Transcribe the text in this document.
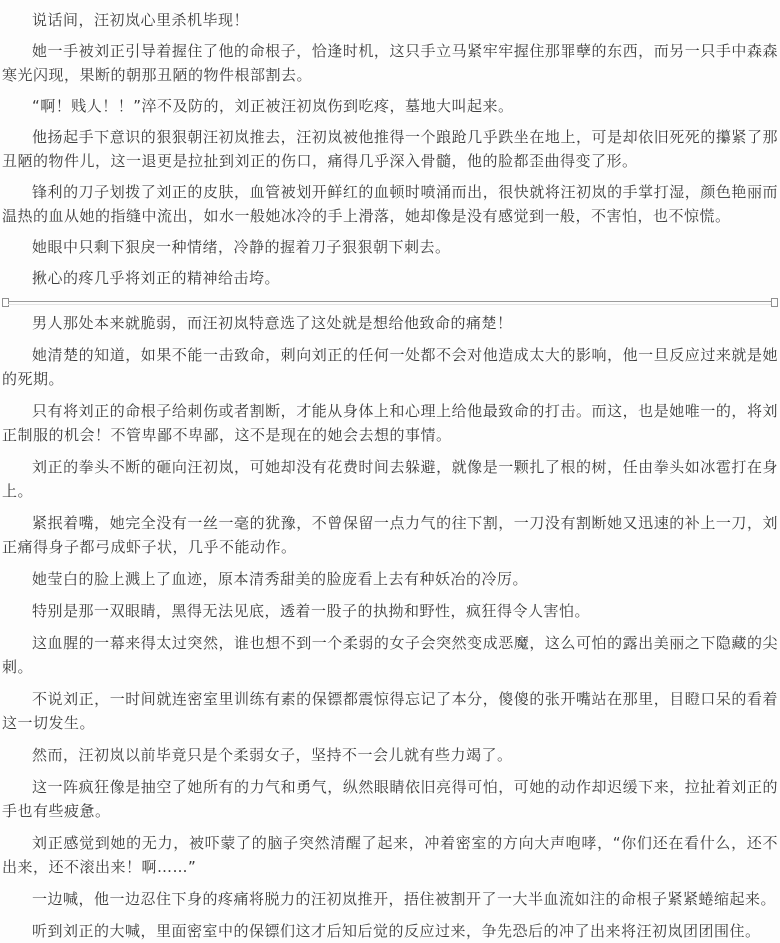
说话间，汪初岚心里杀机毕现！

她一手被刘正引导着握住了他的命根子，恰逢时机，这只手立马紧牢牢握住那罪孽的东西，而另一只手中森森寒光闪现，果断的朝那丑陋的物件根部割去。

“啊！贱人！！”淬不及防的，刘正被汪初岚伤到吃疼，墓地大叫起来。

他扬起手下意识的狠狠朝汪初岚推去，汪初岚被他推得一个踉跄几乎跌坐在地上，可是却依旧死死的攥紧了那丑陋的物件儿，这一退更是拉扯到刘正的伤口，痛得几乎深入骨髓，他的脸都歪曲得变了形。

锋利的刀子划拨了刘正的皮肤，血管被划开鲜红的血顿时喷涌而出，很快就将汪初岚的手掌打湿，颜色艳丽而温热的血从她的指缝中流出，如水一般她冰冷的手上滑落，她却像是没有感觉到一般，不害怕，也不惊慌。

她眼中只剩下狠戾一种情绪，冷静的握着刀子狠狠朝下刺去。

揪心的疼几乎将刘正的精神给击垮。

男人那处本来就脆弱，而汪初岚特意选了这处就是想给他致命的痛楚！

她清楚的知道，如果不能一击致命，刺向刘正的任何一处都不会对他造成太大的影响，他一旦反应过来就是她的死期。

只有将刘正的命根子给刺伤或者割断，才能从身体上和心理上给他最致命的打击。而这，也是她唯一的，将刘正制服的机会！不管卑鄙不卑鄙，这不是现在的她会去想的事情。

刘正的拳头不断的砸向汪初岚，可她却没有花费时间去躲避，就像是一颗扎了根的树，任由拳头如冰雹打在身上。

紧抿着嘴，她完全没有一丝一毫的犹豫，不曾保留一点力气的往下割，一刀没有割断她又迅速的补上一刀，刘正痛得身子都弓成虾子状，几乎不能动作。

她莹白的脸上溅上了血迹，原本清秀甜美的脸庞看上去有种妖冶的冷厉。

特别是那一双眼睛，黑得无法见底，透着一股子的执拗和野性，疯狂得令人害怕。

这血腥的一幕来得太过突然，谁也想不到一个柔弱的女子会突然变成恶魔，这么可怕的露出美丽之下隐藏的尖刺。

不说刘正，一时间就连密室里训练有素的保镖都震惊得忘记了本分，傻傻的张开嘴站在那里，目瞪口呆的看着这一切发生。

然而，汪初岚以前毕竟只是个柔弱女子，坚持不一会儿就有些力竭了。

这一阵疯狂像是抽空了她所有的力气和勇气，纵然眼睛依旧亮得可怕，可她的动作却迟缓下来，拉扯着刘正的手也有些疲惫。

刘正感觉到她的无力，被吓蒙了的脑子突然清醒了起来，冲着密室的方向大声咆哮，“你们还在看什么，还不出来，还不滚出来！啊……”

一边喊，他一边忍住下身的疼痛将脱力的汪初岚推开，捂住被割开了一大半血流如注的命根子紧紧蜷缩起来。

听到刘正的大喊，里面密室中的保镖们这才后知后觉的反应过来，争先恐后的冲了出来将汪初岚团团围住。
